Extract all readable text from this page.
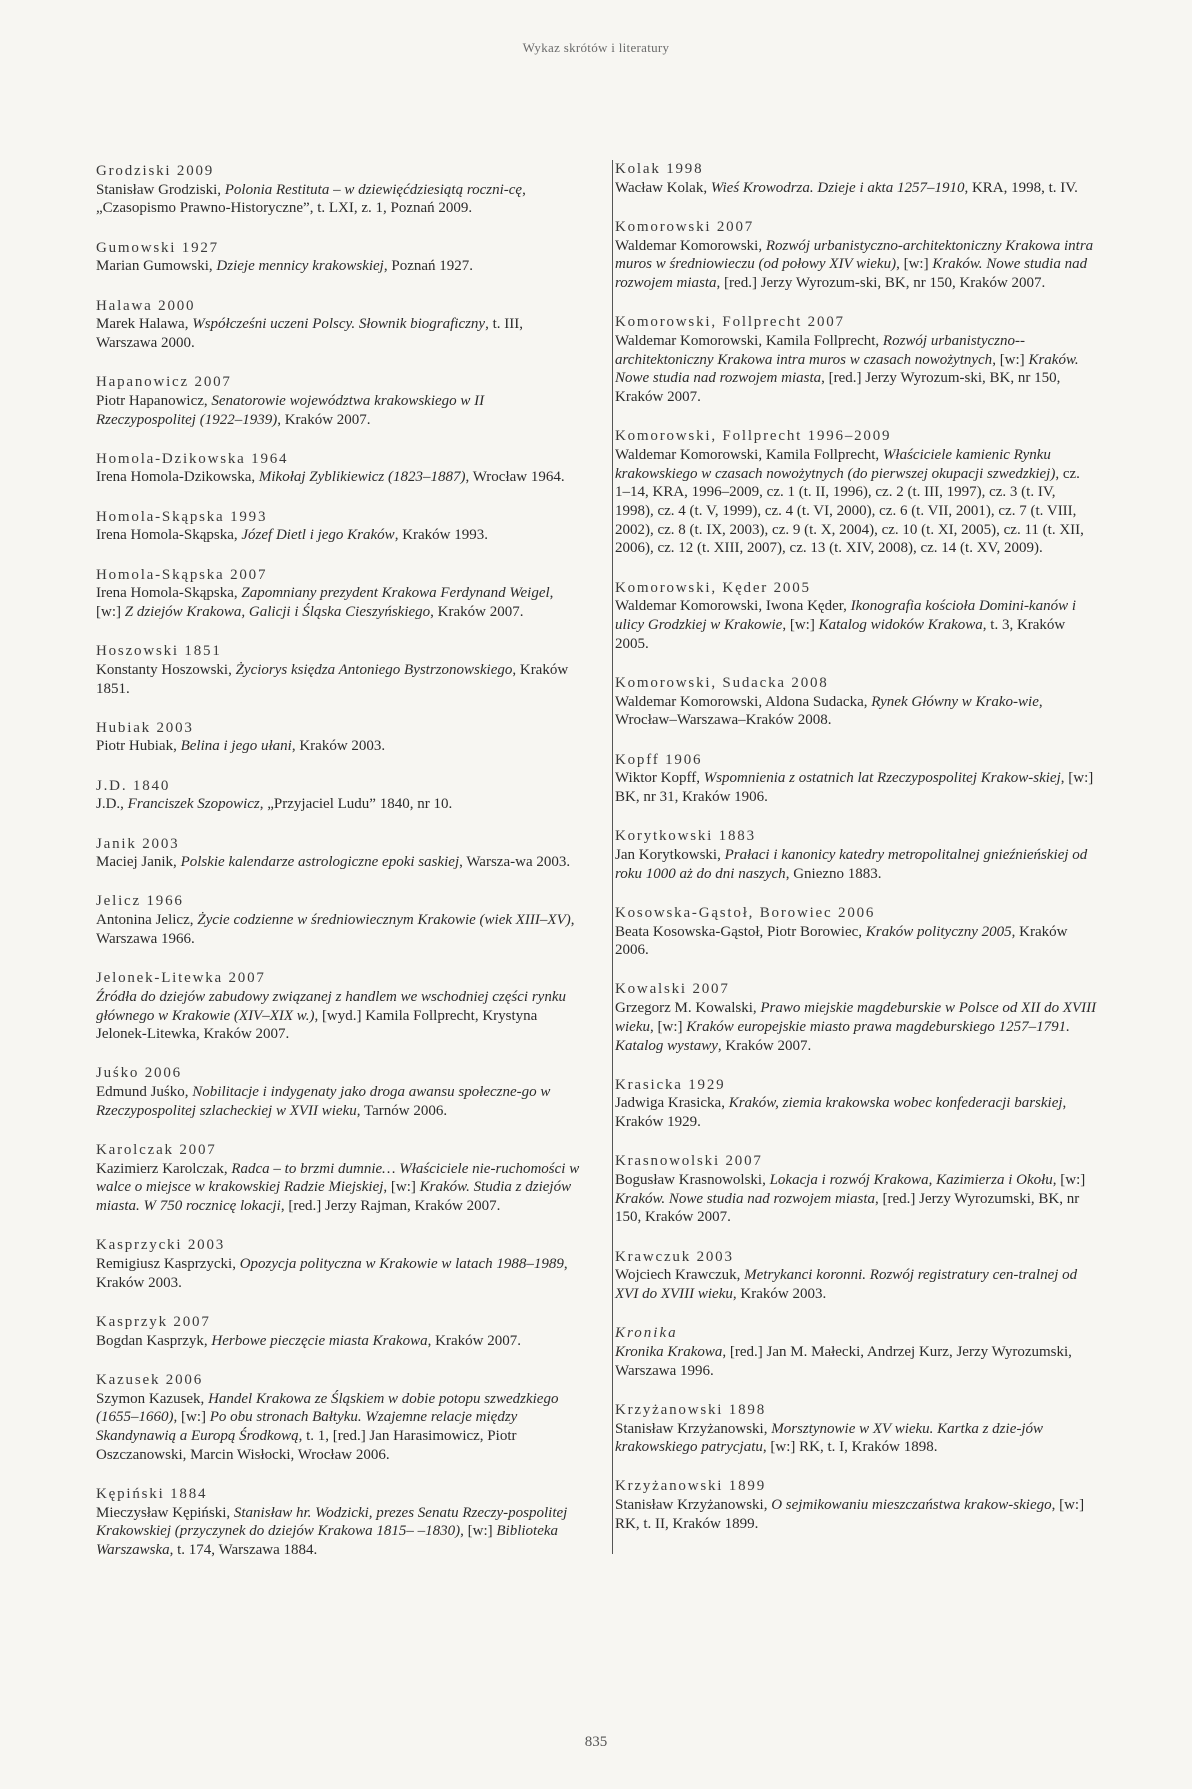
Wykaz skrótów i literatury
Grodziski 2009
Stanisław Grodziski, Polonia Restituta – w dziewięćdziesiątą roczni-cę, „Czasopismo Prawno-Historyczne”, t. LXI, z. 1, Poznań 2009.
Gumowski 1927
Marian Gumowski, Dzieje mennicy krakowskiej, Poznań 1927.
Halawa 2000
Marek Halawa, Współcześni uczeni Polscy. Słownik biograficzny, t. III, Warszawa 2000.
Hapanowicz 2007
Piotr Hapanowicz, Senatorowie województwa krakowskiego w II Rzeczypospolitej (1922–1939), Kraków 2007.
Homola-Dzikowska 1964
Irena Homola-Dzikowska, Mikołaj Zyblikiewicz (1823–1887), Wrocław 1964.
Homola-Skąpska 1993
Irena Homola-Skąpska, Józef Dietl i jego Kraków, Kraków 1993.
Homola-Skąpska 2007
Irena Homola-Skąpska, Zapomniany prezydent Krakowa Ferdynand Weigel, [w:] Z dziejów Krakowa, Galicji i Śląska Cieszyńskiego, Kraków 2007.
Hoszowski 1851
Konstanty Hoszowski, Życiorys księdza Antoniego Bystrzonowskiego, Kraków 1851.
Hubiak 2003
Piotr Hubiak, Belina i jego ułani, Kraków 2003.
J.D. 1840
J.D., Franciszek Szopowicz, „Przyjaciel Ludu” 1840, nr 10.
Janik 2003
Maciej Janik, Polskie kalendarze astrologiczne epoki saskiej, Warsza-wa 2003.
Jelicz 1966
Antonina Jelicz, Życie codzienne w średniowiecznym Krakowie (wiek XIII–XV), Warszawa 1966.
Jelonek-Litewka 2007
Źródła do dziejów zabudowy związanej z handlem we wschodniej części rynku głównego w Krakowie (XIV–XIX w.), [wyd.] Kamila Follprecht, Krystyna Jelonek-Litewka, Kraków 2007.
Juśko 2006
Edmund Juśko, Nobilitacje i indygenaty jako droga awansu społeczne-go w Rzeczypospolitej szlacheckiej w XVII wieku, Tarnów 2006.
Karolczak 2007
Kazimierz Karolczak, Radca – to brzmi dumnie… Właściciele nie-ruchomości w walce o miejsce w krakowskiej Radzie Miejskiej, [w:] Kraków. Studia z dziejów miasta. W 750 rocznicę lokacji, [red.] Jerzy Rajman, Kraków 2007.
Kasprzycki 2003
Remigiusz Kasprzycki, Opozycja polityczna w Krakowie w latach 1988–1989, Kraków 2003.
Kasprzyk 2007
Bogdan Kasprzyk, Herbowe pieczęcie miasta Krakowa, Kraków 2007.
Kazusek 2006
Szymon Kazusek, Handel Krakowa ze Śląskiem w dobie potopu szwedzkiego (1655–1660), [w:] Po obu stronach Bałtyku. Wzajemne relacje między Skandynawią a Europą Środkową, t. 1, [red.] Jan Harasimowicz, Piotr Oszczanowski, Marcin Wisłocki, Wrocław 2006.
Kępiński 1884
Mieczysław Kępiński, Stanisław hr. Wodzicki, prezes Senatu Rzeczy-pospolitej Krakowskiej (przyczynek do dziejów Krakowa 1815– –1830), [w:] Biblioteka Warszawska, t. 174, Warszawa 1884.
Kolak 1998
Wacław Kolak, Wieś Krowodrza. Dzieje i akta 1257–1910, KRA, 1998, t. IV.
Komorowski 2007
Waldemar Komorowski, Rozwój urbanistyczno-architektoniczny Krakowa intra muros w średniowieczu (od połowy XIV wieku), [w:] Kraków. Nowe studia nad rozwojem miasta, [red.] Jerzy Wyrozum-ski, BK, nr 150, Kraków 2007.
Komorowski, Follprecht 2007
Waldemar Komorowski, Kamila Follprecht, Rozwój urbanistyczno--architektoniczny Krakowa intra muros w czasach nowożytnych, [w:] Kraków. Nowe studia nad rozwojem miasta, [red.] Jerzy Wyrozum-ski, BK, nr 150, Kraków 2007.
Komorowski, Follprecht 1996–2009
Waldemar Komorowski, Kamila Follprecht, Właściciele kamienic Rynku krakowskiego w czasach nowożytnych (do pierwszej okupacji szwedzkiej), cz. 1–14, KRA, 1996–2009, cz. 1 (t. II, 1996), cz. 2 (t. III, 1997), cz. 3 (t. IV, 1998), cz. 4 (t. V, 1999), cz. 4 (t. VI, 2000), cz. 6 (t. VII, 2001), cz. 7 (t. VIII, 2002), cz. 8 (t. IX, 2003), cz. 9 (t. X, 2004), cz. 10 (t. XI, 2005), cz. 11 (t. XII, 2006), cz. 12 (t. XIII, 2007), cz. 13 (t. XIV, 2008), cz. 14 (t. XV, 2009).
Komorowski, Kęder 2005
Waldemar Komorowski, Iwona Kęder, Ikonografia kościoła Domini-kanów i ulicy Grodzkiej w Krakowie, [w:] Katalog widoków Krakowa, t. 3, Kraków 2005.
Komorowski, Sudacka 2008
Waldemar Komorowski, Aldona Sudacka, Rynek Główny w Krako-wie, Wrocław–Warszawa–Kraków 2008.
Kopff 1906
Wiktor Kopff, Wspomnienia z ostatnich lat Rzeczypospolitej Krakow-skiej, [w:] BK, nr 31, Kraków 1906.
Korytkowski 1883
Jan Korytkowski, Prałaci i kanonicy katedry metropolitalnej gnieźnieńskiej od roku 1000 aż do dni naszych, Gniezno 1883.
Kosowska-Gąstoł, Borowiec 2006
Beata Kosowska-Gąstoł, Piotr Borowiec, Kraków polityczny 2005, Kraków 2006.
Kowalski 2007
Grzegorz M. Kowalski, Prawo miejskie magdeburskie w Polsce od XII do XVIII wieku, [w:] Kraków europejskie miasto prawa magdeburskiego 1257–1791. Katalog wystawy, Kraków 2007.
Krasicka 1929
Jadwiga Krasicka, Kraków, ziemia krakowska wobec konfederacji barskiej, Kraków 1929.
Krasnowolski 2007
Bogusław Krasnowolski, Lokacja i rozwój Krakowa, Kazimierza i Okołu, [w:] Kraków. Nowe studia nad rozwojem miasta, [red.] Jerzy Wyrozumski, BK, nr 150, Kraków 2007.
Krawczuk 2003
Wojciech Krawczuk, Metrykanci koronni. Rozwój registratury cen-tralnej od XVI do XVIII wieku, Kraków 2003.
Kronika
Kronika Krakowa, [red.] Jan M. Małecki, Andrzej Kurz, Jerzy Wyrozumski, Warszawa 1996.
Krzyżanowski 1898
Stanisław Krzyżanowski, Morsztynowie w XV wieku. Kartka z dzie-jów krakowskiego patrycjatu, [w:] RK, t. I, Kraków 1898.
Krzyżanowski 1899
Stanisław Krzyżanowski, O sejmikowaniu mieszczaństwa krakow-skiego, [w:] RK, t. II, Kraków 1899.
835
